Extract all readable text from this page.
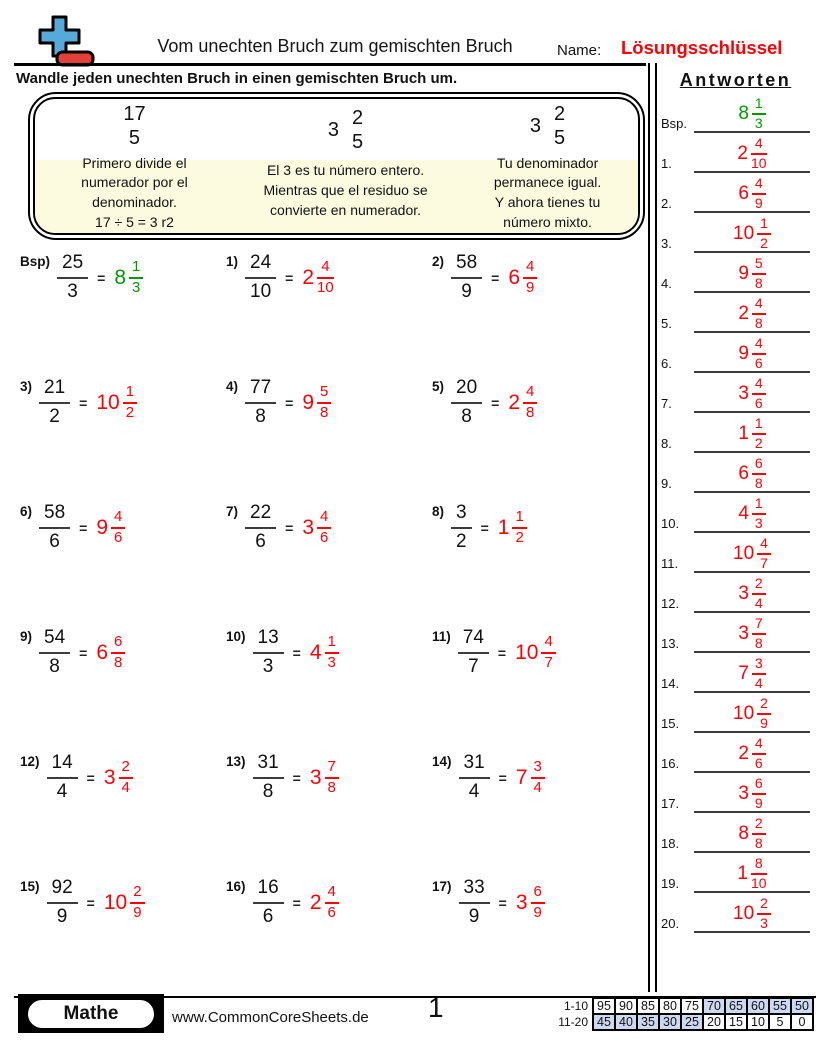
Vom unechten Bruch zum gemischten Bruch	Name: Lösungsschlüssel
Wandle jeden unechten Bruch in einen gemischten Bruch um.
17
5
Primero divide el
numerador por el
denominador.
17 ÷ 5 = 3 r2
3
2
5
El 3 es tu número entero.
Mientras que el residuo se
convierte en numerador.
3
2
5
Tu denominador
permanece igual.
Y ahora tienes tu
número mixto.
$Bsp) \frac{25}{3} = 8$ 1
3
$1) \frac{24}{10} = 2$ 4
10
$2) \frac{58}{9} = 6$ 4
9
$3) \frac{21}{2} = 10$ 1
2
$4) \frac{77}{8} = 9$ 5
8
$5) \frac{20}{8} = 2$ 4
8
$6) \frac{58}{6} = 9$ 4
6
$7) \frac{22}{6} = 3$ 4
6
$8) \frac{3}{2} = 1$ 1
2
$9) \frac{54}{8} = 6$ 6
8
$10) \frac{13}{3} = 4$ 1
3
$11) \frac{74}{7} = 10$ 4
7
$12) \frac{14}{4} = 3$ 2
4
$13) \frac{31}{8} = 3$ 7
8
$14) \frac{31}{4} = 7$ 3
4
$15) \frac{92}{9} = 10$ 2
9
$16) \frac{16}{6} = 2$ 4
6
$17) \frac{33}{9} = 3$ 6
9
Antworten
Bsp.	8 1
3
1.	2 4
10
2.	6 4
9
3.	10 1
2
4.	9 5
8
5.	2 4
8
6.	9 4
6
7.	3 4
6
8.	1 1
2
9.	6 6
8
10.	4 1
3
11.	10 4
7
12.	3 2
4
13.	3 7
8
14.	7 3
4
15.	10 2
9
16.	2 4
6
17.	3 6
9
18.	8 2
8
19.	1 8
10
20.	10 2
3
Mathe	www.CommonCoreSheets.de 1	1-10	95	90	85	80	75	70	65	60	55	50
11-20	45	40	35	30	25	20	15	10	5	0
